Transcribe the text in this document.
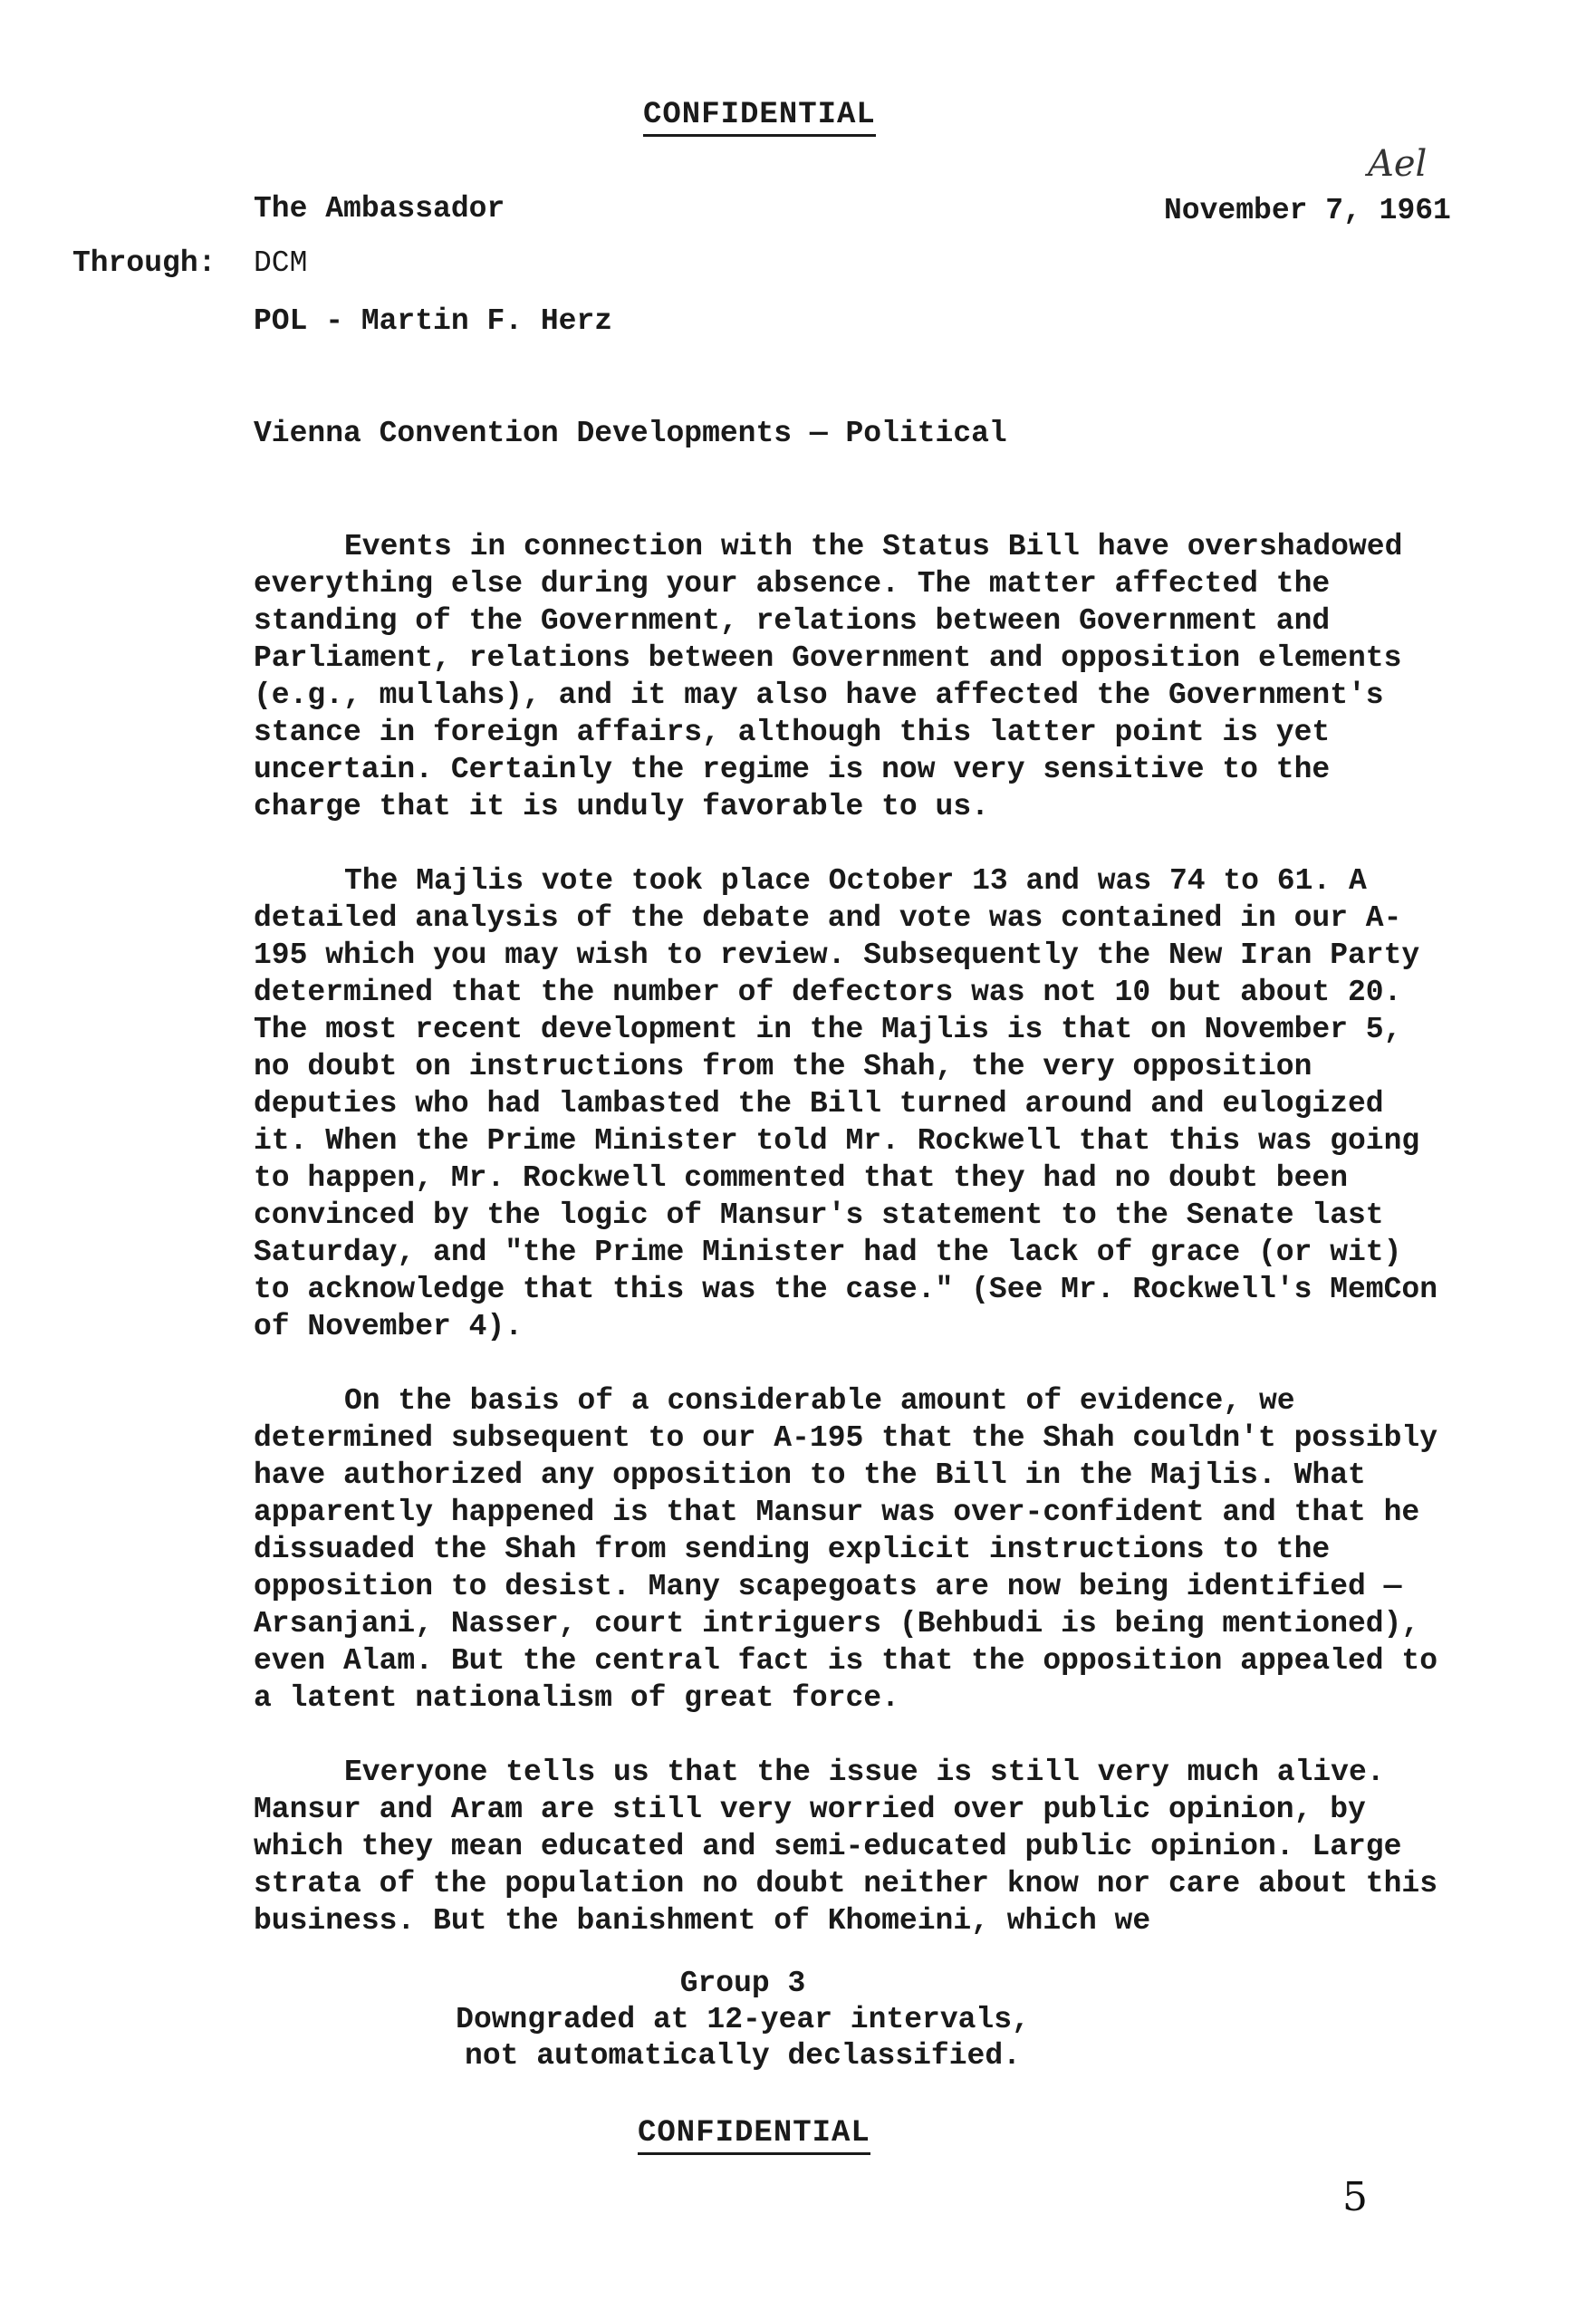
CONFIDENTIAL
Ael
The Ambassador	November 7, 1961
Through: DCM
POL - Martin F. Herz
Vienna Convention Developments — Political

Events in connection with the Status Bill have overshadowed everything else during your absence. The matter affected the standing of the Government, relations between Government and Parliament, relations between Government and opposition elements (e.g., mullahs), and it may also have affected the Government's stance in foreign affairs, although this latter point is yet uncertain. Certainly the regime is now very sensitive to the charge that it is unduly favorable to us.

The Majlis vote took place October 13 and was 74 to 61. A detailed analysis of the debate and vote was contained in our A-195 which you may wish to review. Subsequently the New Iran Party determined that the number of defectors was not 10 but about 20. The most recent development in the Majlis is that on November 5, no doubt on instructions from the Shah, the very opposition deputies who had lambasted the Bill turned around and eulogized it. When the Prime Minister told Mr. Rockwell that this was going to happen, Mr. Rockwell commented that they had no doubt been convinced by the logic of Mansur's statement to the Senate last Saturday, and "the Prime Minister had the lack of grace (or wit) to acknowledge that this was the case." (See Mr. Rockwell's MemCon of November 4).

On the basis of a considerable amount of evidence, we determined subsequent to our A-195 that the Shah couldn't possibly have authorized any opposition to the Bill in the Majlis. What apparently happened is that Mansur was over-confident and that he dissuaded the Shah from sending explicit instructions to the opposition to desist. Many scapegoats are now being identified — Arsanjani, Nasser, court intriguers (Behbudi is being mentioned), even Alam. But the central fact is that the opposition appealed to a latent nationalism of great force.

Everyone tells us that the issue is still very much alive. Mansur and Aram are still very worried over public opinion, by which they mean educated and semi-educated public opinion. Large strata of the population no doubt neither know nor care about this business. But the banishment of Khomeini, which we

Group 3
Downgraded at 12-year intervals,
not automatically declassified.
CONFIDENTIAL
5
